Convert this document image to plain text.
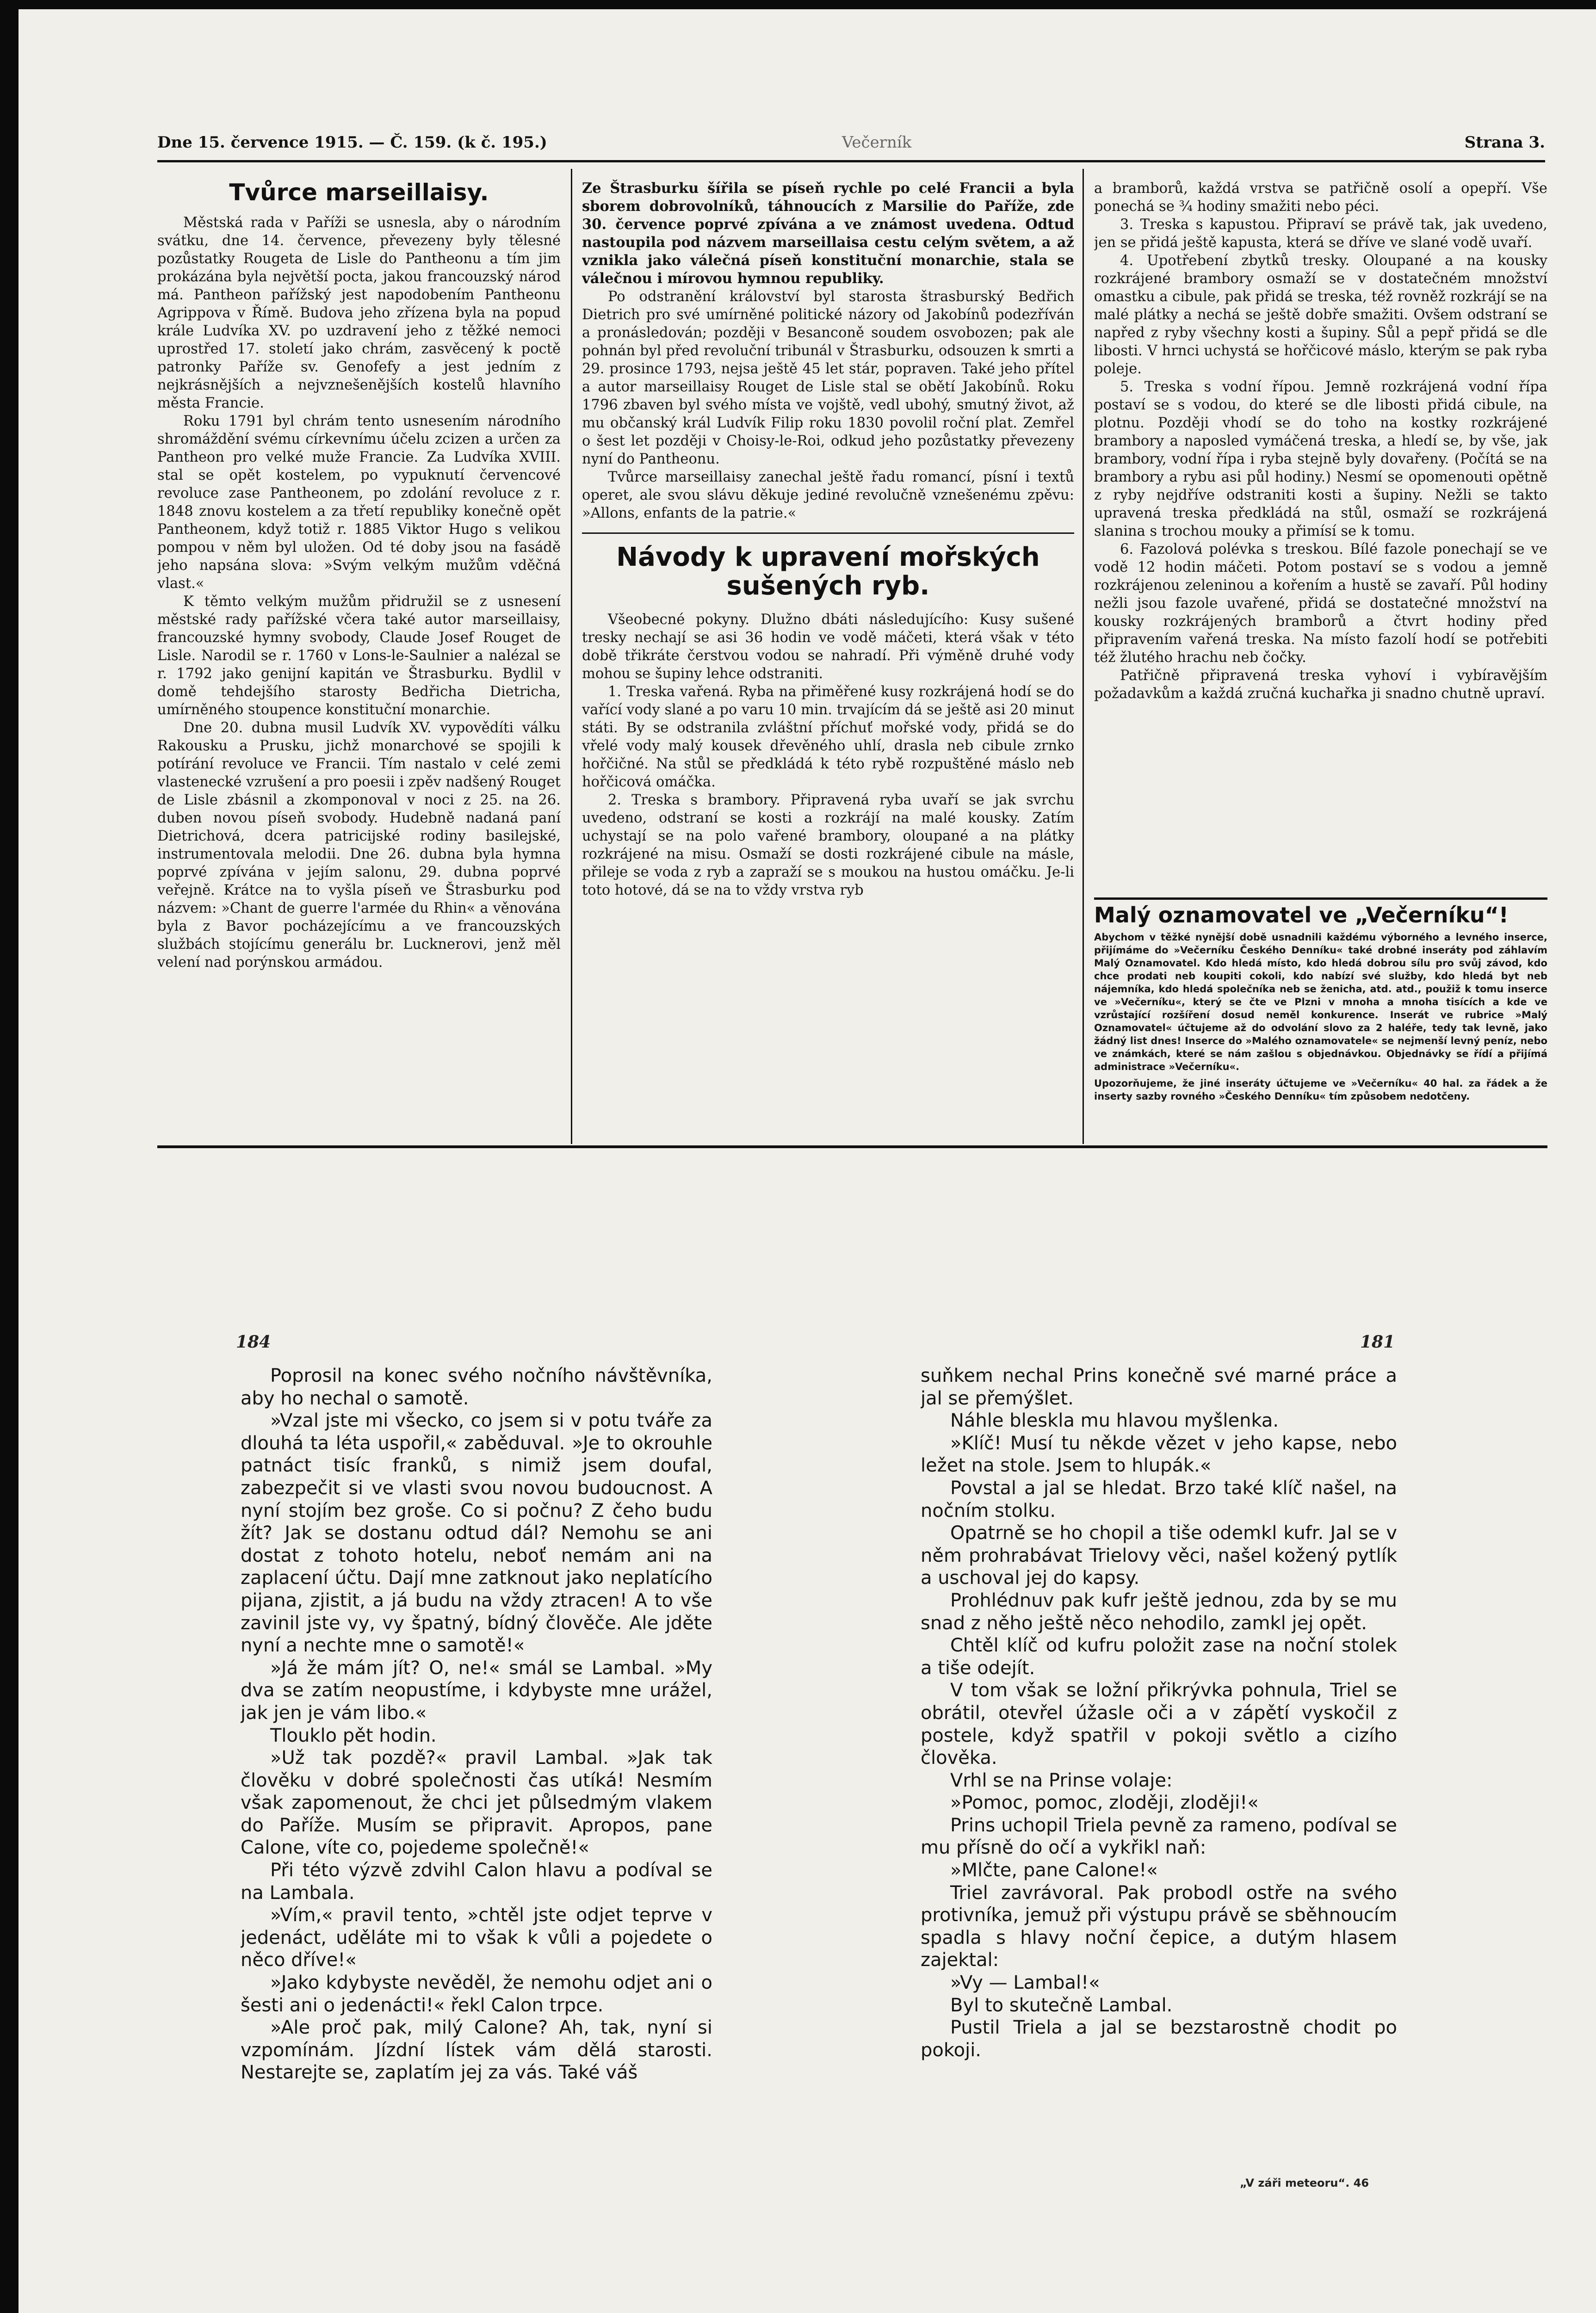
Dne 15. července 1915. — Č. 159. (k č. 195.)	Večerník	Strana 3.
Tvůrce marseillaisy.

Městská rada v Paříži se usnesla, aby o národním svátku, dne 14. července, převezeny byly tělesné pozůstatky Rougeta de Lisle do Pantheonu a tím jim prokázána byla největší pocta, jakou francouzský národ má. Pantheon pařížský jest napodobením Pantheonu Agrippova v Římě. Budova jeho zřízena byla na popud krále Ludvíka XV. po uzdravení jeho z těžké nemoci uprostřed 17. století jako chrám, zasvěcený k poctě patronky Paříže sv. Genofefy a jest jedním z nejkrásnějších a nejvznešenějších kostelů hlavního města Francie.

Roku 1791 byl chrám tento usnesením národního shromáždění svému církevnímu účelu zcizen a určen za Pantheon pro velké muže Francie. Za Ludvíka XVIII. stal se opět kostelem, po vypuknutí červencové revoluce zase Pantheonem, po zdolání revoluce z r. 1848 znovu kostelem a za třetí republiky konečně opět Pantheonem, když totiž r. 1885 Viktor Hugo s velikou pompou v něm byl uložen. Od té doby jsou na fasádě jeho napsána slova: »Svým velkým mužům vděčná vlast.«

K těmto velkým mužům přidružil se z usnesení městské rady pařížské včera také autor marseillaisy, francouzské hymny svobody, Claude Josef Rouget de Lisle. Narodil se r. 1760 v Lons-le-Saulnier a nalézal se r. 1792 jako genijní kapitán ve Štrasburku. Bydlil v domě tehdejšího starosty Bedřicha Dietricha, umírněného stoupence konstituční monarchie.

Dne 20. dubna musil Ludvík XV. vypovědíti válku Rakousku a Prusku, jichž monarchové se spojili k potírání revoluce ve Francii. Tím nastalo v celé zemi vlastenecké vzrušení a pro poesii i zpěv nadšený Rouget de Lisle zbásnil a zkomponoval v noci z 25. na 26. duben novou píseň svobody. Hudebně nadaná paní Dietrichová, dcera patricijské rodiny basilejské, instrumentovala melodii. Dne 26. dubna byla hymna poprvé zpívána v jejím salonu, 29. dubna poprvé veřejně. Krátce na to vyšla píseň ve Štrasburku pod názvem: »Chant de guerre l'armée du Rhin« a věnována byla z Bavor pocházejícímu a ve francouzských službách stojícímu generálu br. Lucknerovi, jenž měl velení nad porýnskou armádou.

Ze Štrasburku šířila se píseň rychle po celé Francii a byla sborem dobrovolníků, táhnoucích z Marsilie do Paříže, zde 30. července poprvé zpívána a ve známost uvedena. Odtud nastoupila pod názvem marseillaisa cestu celým světem, a až vznikla jako válečná píseň konstituční monarchie, stala se válečnou i mírovou hymnou republiky.

Po odstranění království byl starosta štrasburský Bedřich Dietrich pro své umírněné politické názory od Jakobínů podezříván a pronásledován; později v Besanconě soudem osvobozen; pak ale pohnán byl před revoluční tribunál v Štrasburku, odsouzen k smrti a 29. prosince 1793, nejsa ještě 45 let stár, popraven. Také jeho přítel a autor marseillaisy Rouget de Lisle stal se obětí Jakobínů. Roku 1796 zbaven byl svého místa ve vojště, vedl ubohý, smutný život, až mu občanský král Ludvík Filip roku 1830 povolil roční plat. Zemřel o šest let později v Choisy-le-Roi, odkud jeho pozůstatky převezeny nyní do Pantheonu.

Tvůrce marseillaisy zanechal ještě řadu romancí, písní i textů operet, ale svou slávu děkuje jediné revolučně vznešenému zpěvu: »Allons, enfants de la patrie.«

Návody k upravení mořských sušených ryb.

Všeobecné pokyny. Dlužno dbáti následujícího: Kusy sušené tresky nechají se asi 36 hodin ve vodě máčeti, která však v této době třikráte čerstvou vodou se nahradí. Při výměně druhé vody mohou se šupiny lehce odstraniti.

1. Treska vařená. Ryba na přiměřené kusy rozkrájená hodí se do vařící vody slané a po varu 10 min. trvajícím dá se ještě asi 20 minut státi. By se odstranila zvláštní příchuť mořské vody, přidá se do vřelé vody malý kousek dřevěného uhlí, drasla neb cibule zrnko hořčičné. Na stůl se předkládá k této rybě rozpuštěné máslo neb hořčicová omáčka.

2. Treska s brambory. Připravená ryba uvaří se jak svrchu uvedeno, odstraní se kosti a rozkrájí na malé kousky. Zatím uchystají se na polo vařené brambory, oloupané a na plátky rozkrájené na misu. Osmaží se dosti rozkrájené cibule na másle, přileje se voda z ryb a zapraží se s moukou na hustou omáčku. Je-li toto hotové, dá se na to vždy vrstva ryb

a bramborů, každá vrstva se patřičně osolí a opepří. Vše ponechá se ¾ hodiny smažiti nebo péci.

3. Treska s kapustou. Připraví se právě tak, jak uvedeno, jen se přidá ještě kapusta, která se dříve ve slané vodě uvaří.

4. Upotřebení zbytků tresky. Oloupané a na kousky rozkrájené brambory osmaží se v dostatečném množství omastku a cibule, pak přidá se treska, též rovněž rozkrájí se na malé plátky a nechá se ještě dobře smažiti. Ovšem odstraní se napřed z ryby všechny kosti a šupiny. Sůl a pepř přidá se dle libosti. V hrnci uchystá se hořčicové máslo, kterým se pak ryba poleje.

5. Treska s vodní řípou. Jemně rozkrájená vodní řípa postaví se s vodou, do které se dle libosti přidá cibule, na plotnu. Později vhodí se do toho na kostky rozkrájené brambory a naposled vymáčená treska, a hledí se, by vše, jak brambory, vodní řípa i ryba stejně byly dovařeny. (Počítá se na brambory a rybu asi půl hodiny.) Nesmí se opomenouti opětně z ryby nejdříve odstraniti kosti a šupiny. Nežli se takto upravená treska předkládá na stůl, osmaží se rozkrájená slanina s trochou mouky a přimísí se k tomu.

6. Fazolová polévka s treskou. Bílé fazole ponechají se ve vodě 12 hodin máčeti. Potom postaví se s vodou a jemně rozkrájenou zeleninou a kořením a hustě se zavaří. Půl hodiny nežli jsou fazole uvařené, přidá se dostatečné množství na kousky rozkrájených bramborů a čtvrt hodiny před připravením vařená treska. Na místo fazolí hodí se potřebiti též žlutého hrachu neb čočky.

Patřičně připravená treska vyhoví i vybíravějším požadavkům a každá zručná kuchařka ji snadno chutně upraví.

Malý oznamovatel ve „Večerníku“!
Abychom v těžké nynější době usnadnili každému výborného a levného inserce, přijímáme do »Večerníku Českého Denníku« také drobné inseráty pod záhlavím Malý Oznamovatel. Kdo hledá místo, kdo hledá dobrou sílu pro svůj závod, kdo chce prodati neb koupiti cokoli, kdo nabízí své služby, kdo hledá byt neb nájemníka, kdo hledá společníka neb se ženicha, atd. atd., použiž k tomu inserce ve »Večerníku«, který se čte ve Plzni v mnoha a mnoha tisících a kde ve vzrůstající rozšíření dosud neměl konkurence. Inserát ve rubrice »Malý Oznamovatel« účtujeme až do odvolání slovo za 2 haléře, tedy tak levně, jako žádný list dnes! Inserce do »Malého oznamovatele« se nejmenší levný peníz, nebo ve známkách, které se nám zašlou s objednávkou. Objednávky se řídí a přijímá administrace »Večerníku«.
Upozorňujeme, že jiné inseráty účtujeme ve »Večerníku« 40 hal. za řádek a že inserty sazby rovného »Českého Denníku« tím způsobem nedotčeny.
184	181

Poprosil na konec svého nočního návštěvníka, aby ho nechal o samotě.

»Vzal jste mi všecko, co jsem si v potu tváře za dlouhá ta léta uspořil,« zaběduval. »Je to okrouhle patnáct tisíc franků, s nimiž jsem doufal, zabezpečit si ve vlasti svou novou budoucnost. A nyní stojím bez groše. Co si počnu? Z čeho budu žít? Jak se dostanu odtud dál? Nemohu se ani dostat z tohoto hotelu, neboť nemám ani na zaplacení účtu. Dají mne zatknout jako neplatícího pijana, zjistit, a já budu na vždy ztracen! A to vše zavinil jste vy, vy špatný, bídný člověče. Ale jděte nyní a nechte mne o samotě!«

»Já že mám jít? O, ne!« smál se Lambal. »My dva se zatím neopustíme, i kdybyste mne urážel, jak jen je vám libo.«

Tlouklo pět hodin.

»Už tak pozdě?« pravil Lambal. »Jak tak člověku v dobré společnosti čas utíká! Nesmím však zapomenout, že chci jet půlsedmým vlakem do Paříže. Musím se připravit. Apropos, pane Calone, víte co, pojedeme společně!«

Při této výzvě zdvihl Calon hlavu a podíval se na Lambala.

»Vím,« pravil tento, »chtěl jste odjet teprve v jedenáct, uděláte mi to však k vůli a pojedete o něco dříve!«

»Jako kdybyste nevěděl, že nemohu odjet ani o šesti ani o jedenácti!« řekl Calon trpce.

»Ale proč pak, milý Calone? Ah, tak, nyní si vzpomínám. Jízdní lístek vám dělá starosti. Nestarejte se, zaplatím jej za vás. Také váš

suňkem nechal Prins konečně své marné práce a jal se přemýšlet.

Náhle bleskla mu hlavou myšlenka.

»Klíč! Musí tu někde vězet v jeho kapse, nebo ležet na stole. Jsem to hlupák.«

Povstal a jal se hledat. Brzo také klíč našel, na nočním stolku.

Opatrně se ho chopil a tiše odemkl kufr. Jal se v něm prohrabávat Trielovy věci, našel kožený pytlík a uschoval jej do kapsy.

Prohlédnuv pak kufr ještě jednou, zda by se mu snad z něho ještě něco nehodilo, zamkl jej opět.

Chtěl klíč od kufru položit zase na noční stolek a tiše odejít.

V tom však se ložní přikrývka pohnula, Triel se obrátil, otevřel úžasle oči a v zápětí vyskočil z postele, když spatřil v pokoji světlo a cizího člověka.

Vrhl se na Prinse volaje:

»Pomoc, pomoc, zloději, zloději!«

Prins uchopil Triela pevně za rameno, podíval se mu přísně do očí a vykřikl naň:

»Mlčte, pane Calone!«

Triel zavrávoral. Pak probodl ostře na svého protivníka, jemuž při výstupu právě se sběhnoucím spadla s hlavy noční čepice, a dutým hlasem zajektal:

»Vy — Lambal!«

Byl to skutečně Lambal.

Pustil Triela a jal se bezstarostně chodit po pokoji.

„V záři meteoru“. 46
